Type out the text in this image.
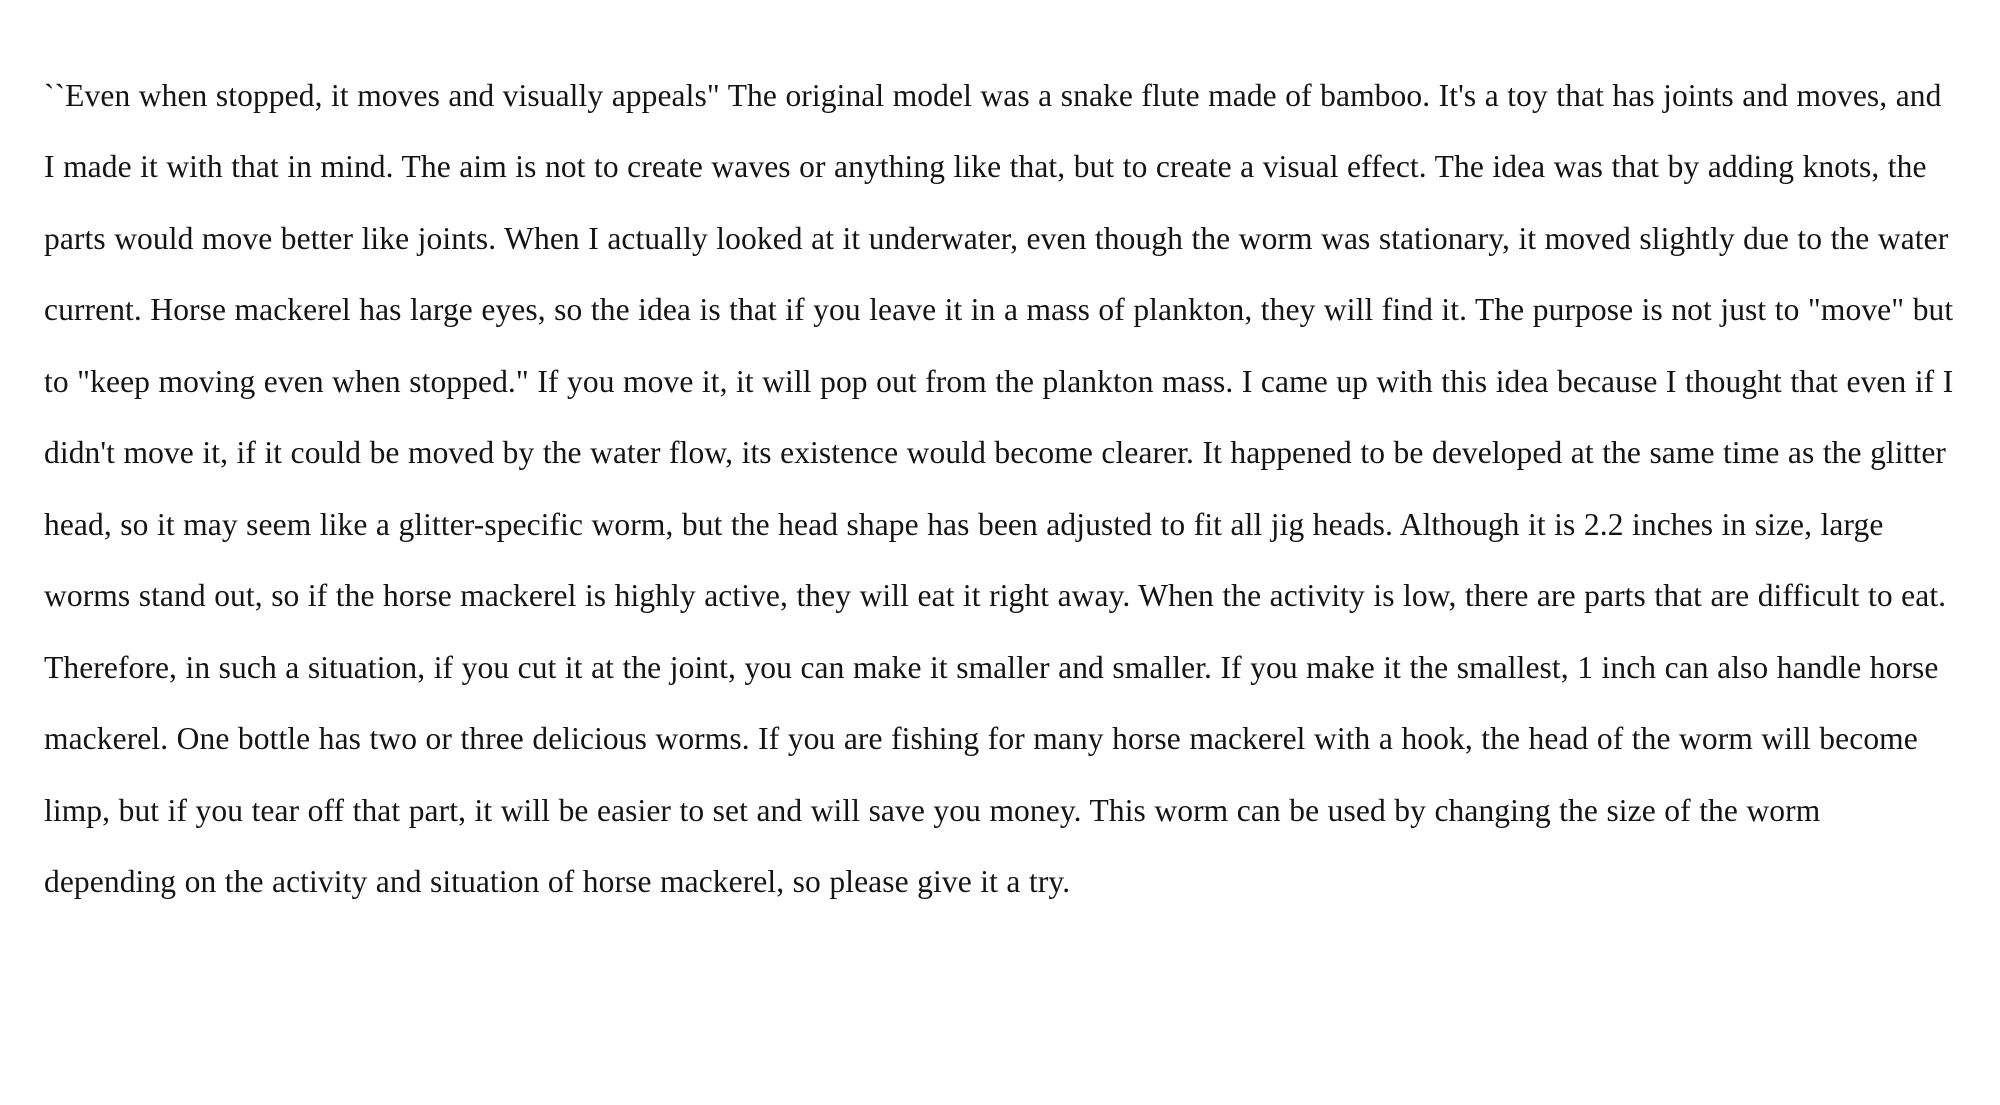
``Even when stopped, it moves and visually appeals" The original model was a snake flute made of bamboo. It's a toy that has joints and moves, and I made it with that in mind. The aim is not to create waves or anything like that, but to create a visual effect. The idea was that by adding knots, the parts would move better like joints. When I actually looked at it underwater, even though the worm was stationary, it moved slightly due to the water current. Horse mackerel has large eyes, so the idea is that if you leave it in a mass of plankton, they will find it. The purpose is not just to "move" but to "keep moving even when stopped." If you move it, it will pop out from the plankton mass. I came up with this idea because I thought that even if I didn't move it, if it could be moved by the water flow, its existence would become clearer. It happened to be developed at the same time as the glitter head, so it may seem like a glitter-specific worm, but the head shape has been adjusted to fit all jig heads. Although it is 2.2 inches in size, large worms stand out, so if the horse mackerel is highly active, they will eat it right away. When the activity is low, there are parts that are difficult to eat. Therefore, in such a situation, if you cut it at the joint, you can make it smaller and smaller. If you make it the smallest, 1 inch can also handle horse mackerel. One bottle has two or three delicious worms. If you are fishing for many horse mackerel with a hook, the head of the worm will become limp, but if you tear off that part, it will be easier to set and will save you money. This worm can be used by changing the size of the worm depending on the activity and situation of horse mackerel, so please give it a try.
